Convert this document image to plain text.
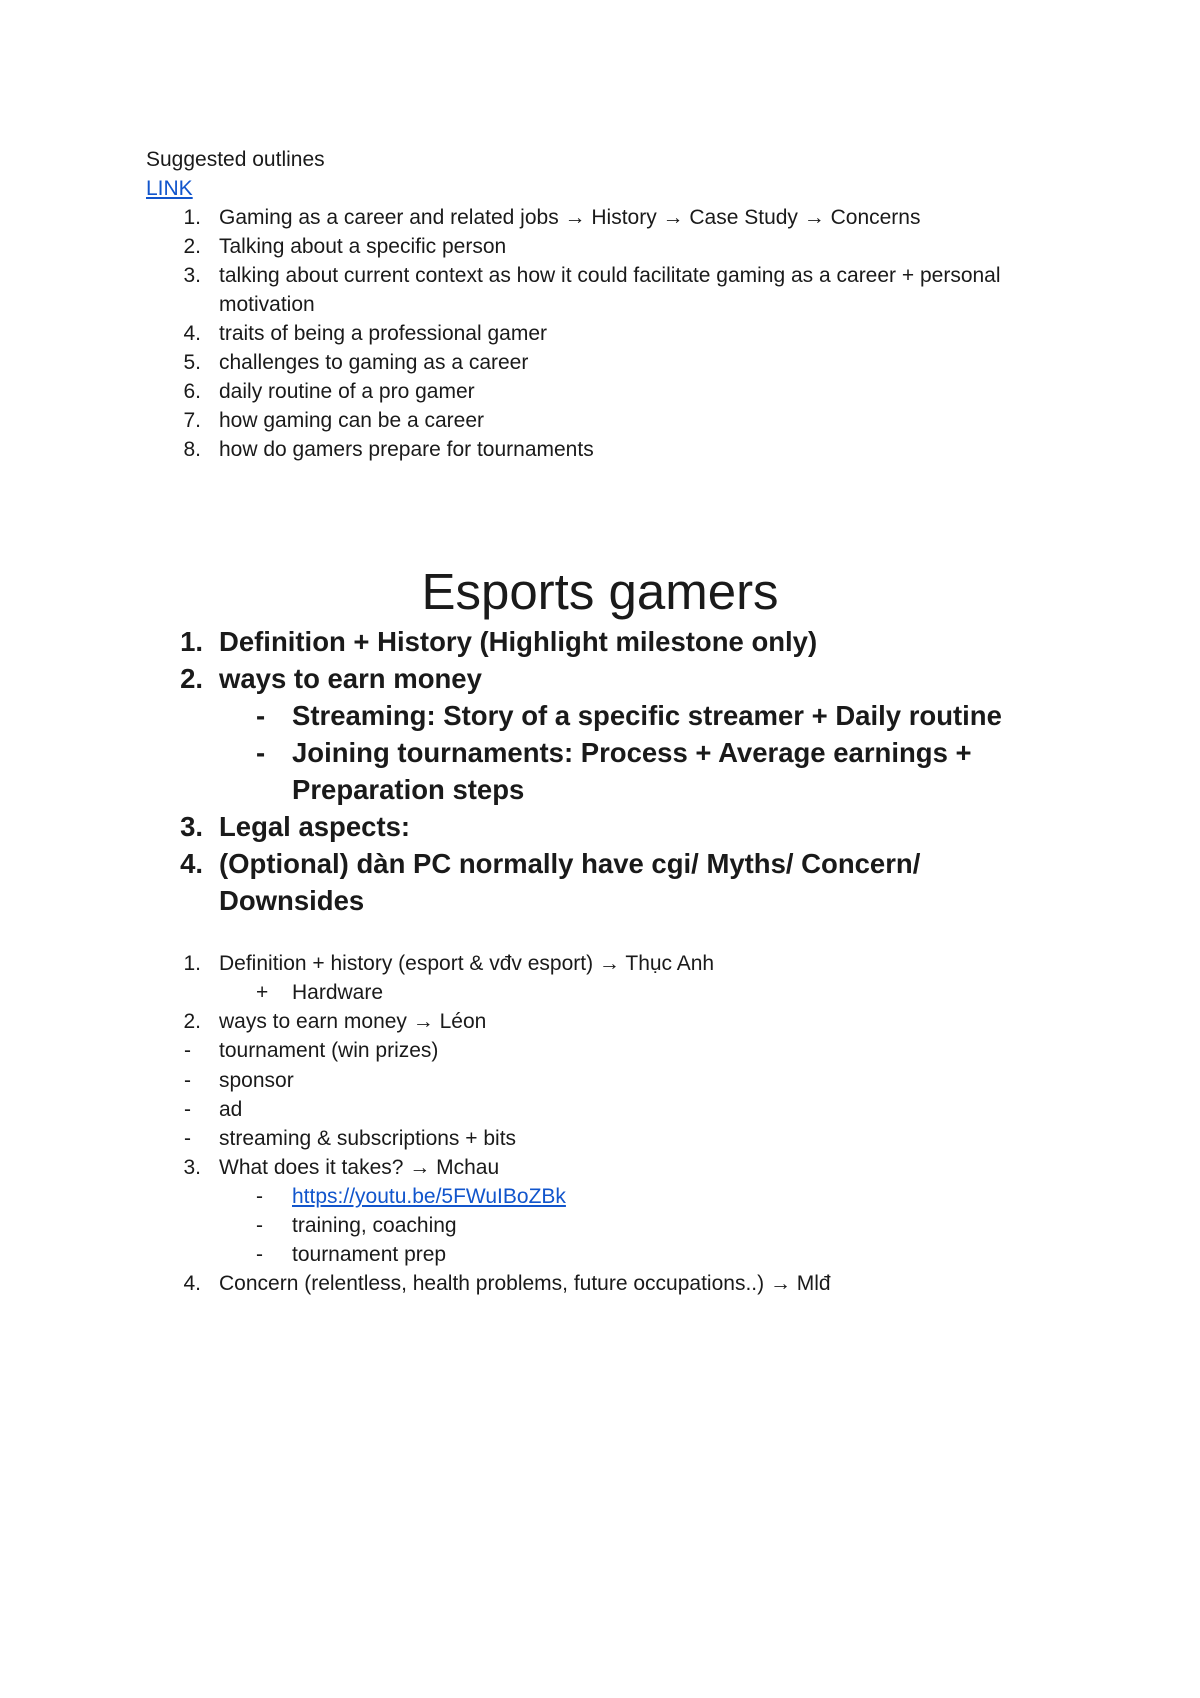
Suggested outlines
LINK
1. Gaming as a career and related jobs → History → Case Study → Concerns
2. Talking about a specific person
3. talking about current context as how it could facilitate gaming as a career + personal
motivation
4. traits of being a professional gamer
5. challenges to gaming as a career
6. daily routine of a pro gamer
7. how gaming can be a career
8. how do gamers prepare for tournaments
Esports gamers
1. Definition + History (Highlight milestone only)
2. ways to earn money
- Streaming: Story of a specific streamer + Daily routine
- Joining tournaments: Process + Average earnings +
Preparation steps
3. Legal aspects:
4. (Optional) dàn PC normally have cgi/ Myths/ Concern/
Downsides
1. Definition + history (esport & vđv esport) → Thục Anh
+ Hardware
2. ways to earn money → Léon
- tournament (win prizes)
- sponsor
- ad
- streaming & subscriptions + bits
3. What does it takes? → Mchau
- https://youtu.be/5FWuIBoZBk
- training, coaching
- tournament prep
4. Concern (relentless, health problems, future occupations..) → Mlđ
